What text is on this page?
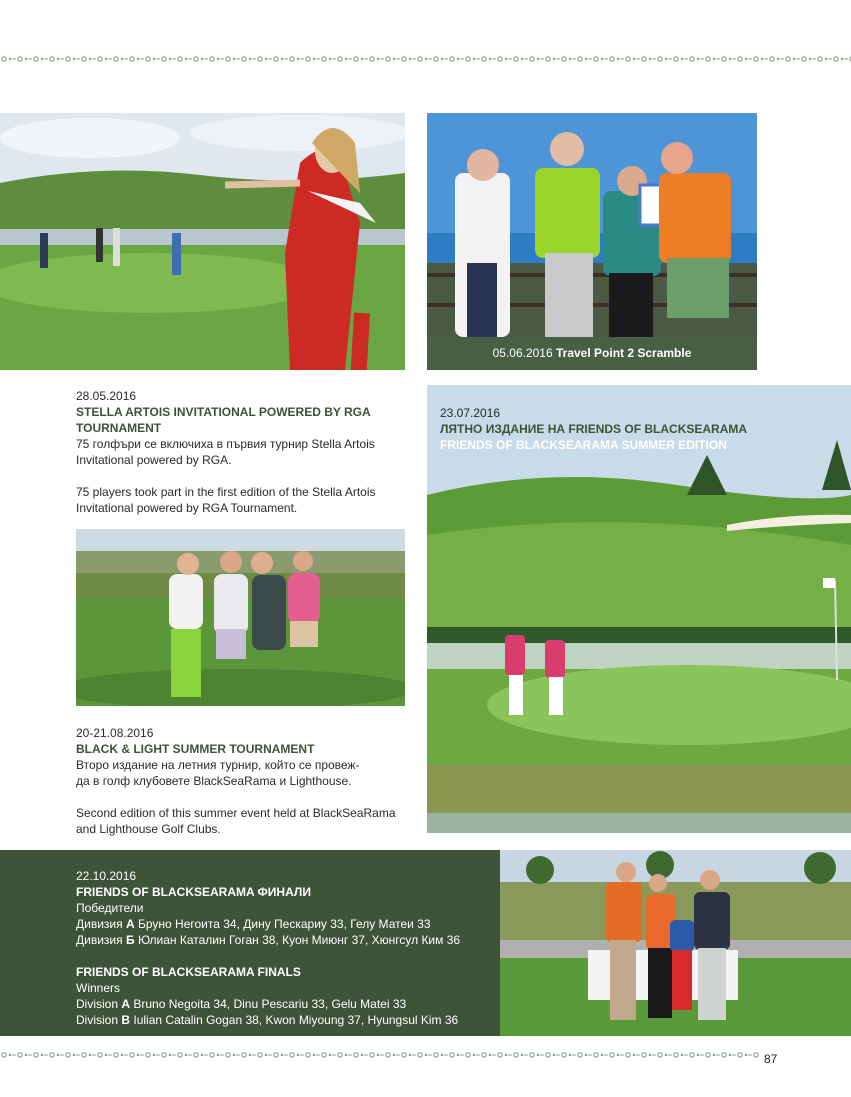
05.06.2016 Travel Point 2 Scramble
28.05.2016
STELLA ARTOIS INVITATIONAL POWERED BY RGA
TOURNAMENT

75 голфъри се включиха в първия турнир Stella Artois

Invitational powered by RGA.

75 players took part in the first edition of the Stella Artois

Invitational powered by RGA Tournament.

23.07.2016
ЛЯТНО ИЗДАНИЕ НА FRIENDS OF BLACKSEARAMA
FRIENDS OF BLACKSEARAMA SUMMER EDITION
20-21.08.2016
BLACK & LIGHT SUMMER TOURNAMENT

Второ издание на летния турнир, който се провеж-

да в голф клубовете BlackSeaRama и Lighthouse.

Second edition of this summer event held at BlackSeaRama

and Lighthouse Golf Clubs.

22.10.2016
FRIENDS OF BLACKSEARAMA ФИНАЛИ
Победители
Дивизия А Бруно Негоита 34, Дину Пескариу 33, Гелу Матеи 33
Дивизия Б Юлиан Каталин Гоган 38, Куон Миюнг 37, Хюнгсул Ким 36
FRIENDS OF BLACKSEARAMA FINALS
Winners
Division A Bruno Negoita 34, Dinu Pescariu 33, Gelu Matei 33
Division B Iulian Catalin Gogan 38, Kwon Miyoung 37, Hyungsul Kim 36
87
